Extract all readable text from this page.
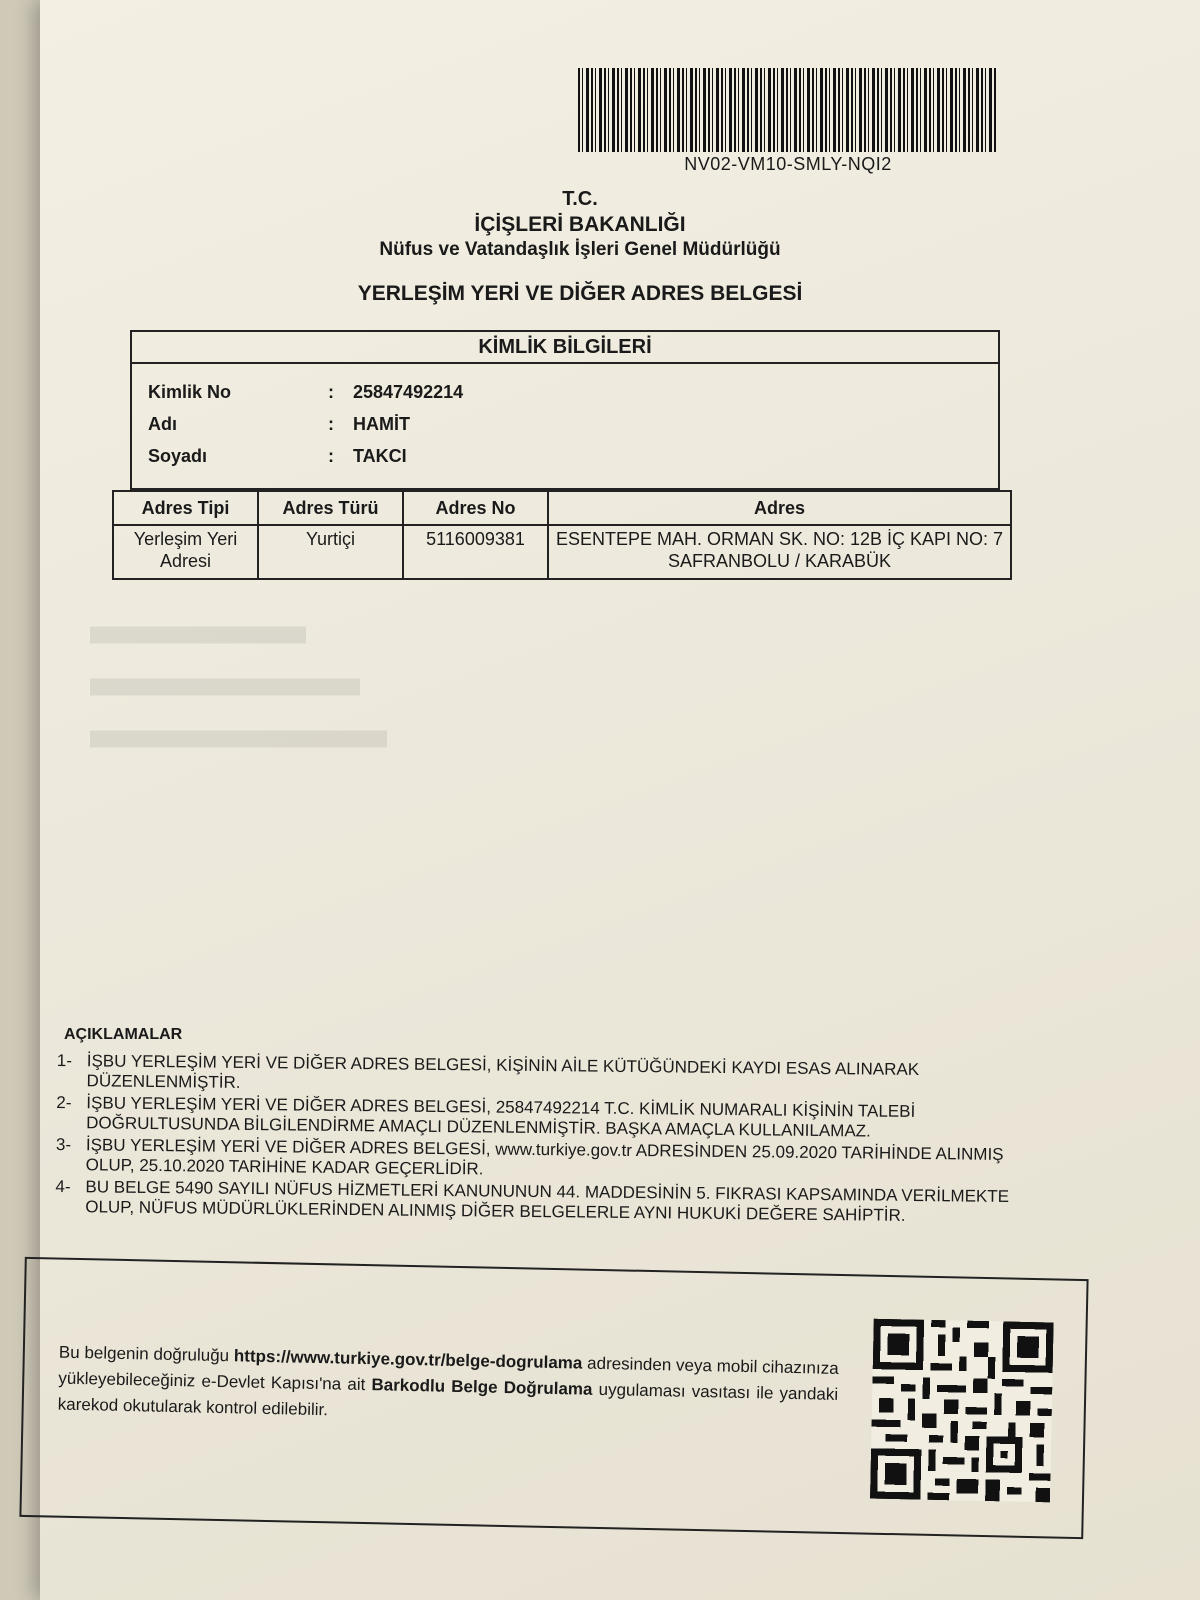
NV02-VM10-SMLY-NQI2
T.C.
İÇİŞLERİ BAKANLIĞI
Nüfus ve Vatandaşlık İşleri Genel Müdürlüğü
YERLEŞİM YERİ VE DİĞER ADRES BELGESİ
KİMLİK BİLGİLERİ
Kimlik No	: 25847492214
Adı	: HAMİT
Soyadı	: TAKCI
Adres Tipi	Adres Türü	Adres No	Adres
Yerleşim Yeri Adresi	Yurtiçi	5116009381	ESENTEPE MAH. ORMAN SK. NO: 12B İÇ KAPI NO: 7 SAFRANBOLU / KARABÜK
████████████████████████
██████████████████████████████
█████████████████████████████████
AÇIKLAMALAR
1- İŞBU YERLEŞİM YERİ VE DİĞER ADRES BELGESİ, KİŞİNİN AİLE KÜTÜĞÜNDEKİ KAYDI ESAS ALINARAK DÜZENLENMİŞTİR.
2- İŞBU YERLEŞİM YERİ VE DİĞER ADRES BELGESİ, 25847492214 T.C. KİMLİK NUMARALI KİŞİNİN TALEBİ DOĞRULTUSUNDA BİLGİLENDİRME AMAÇLI DÜZENLENMİŞTİR. BAŞKA AMAÇLA KULLANILAMAZ.
3- İŞBU YERLEŞİM YERİ VE DİĞER ADRES BELGESİ, www.turkiye.gov.tr ADRESİNDEN 25.09.2020 TARİHİNDE ALINMIŞ OLUP, 25.10.2020 TARİHİNE KADAR GEÇERLİDİR.
4- BU BELGE 5490 SAYILI NÜFUS HİZMETLERİ KANUNUNUN 44. MADDESİNİN 5. FIKRASI KAPSAMINDA VERİLMEKTE OLUP, NÜFUS MÜDÜRLÜKLERİNDEN ALINMIŞ DİĞER BELGELERLE AYNI HUKUKİ DEĞERE SAHİPTİR.
Bu belgenin doğruluğu https://www.turkiye.gov.tr/belge-dogrulama adresinden veya mobil cihazınıza yükleyebileceğiniz e-Devlet Kapısı'na ait Barkodlu Belge Doğrulama uygulaması vasıtası ile yandaki karekod okutularak kontrol edilebilir.
